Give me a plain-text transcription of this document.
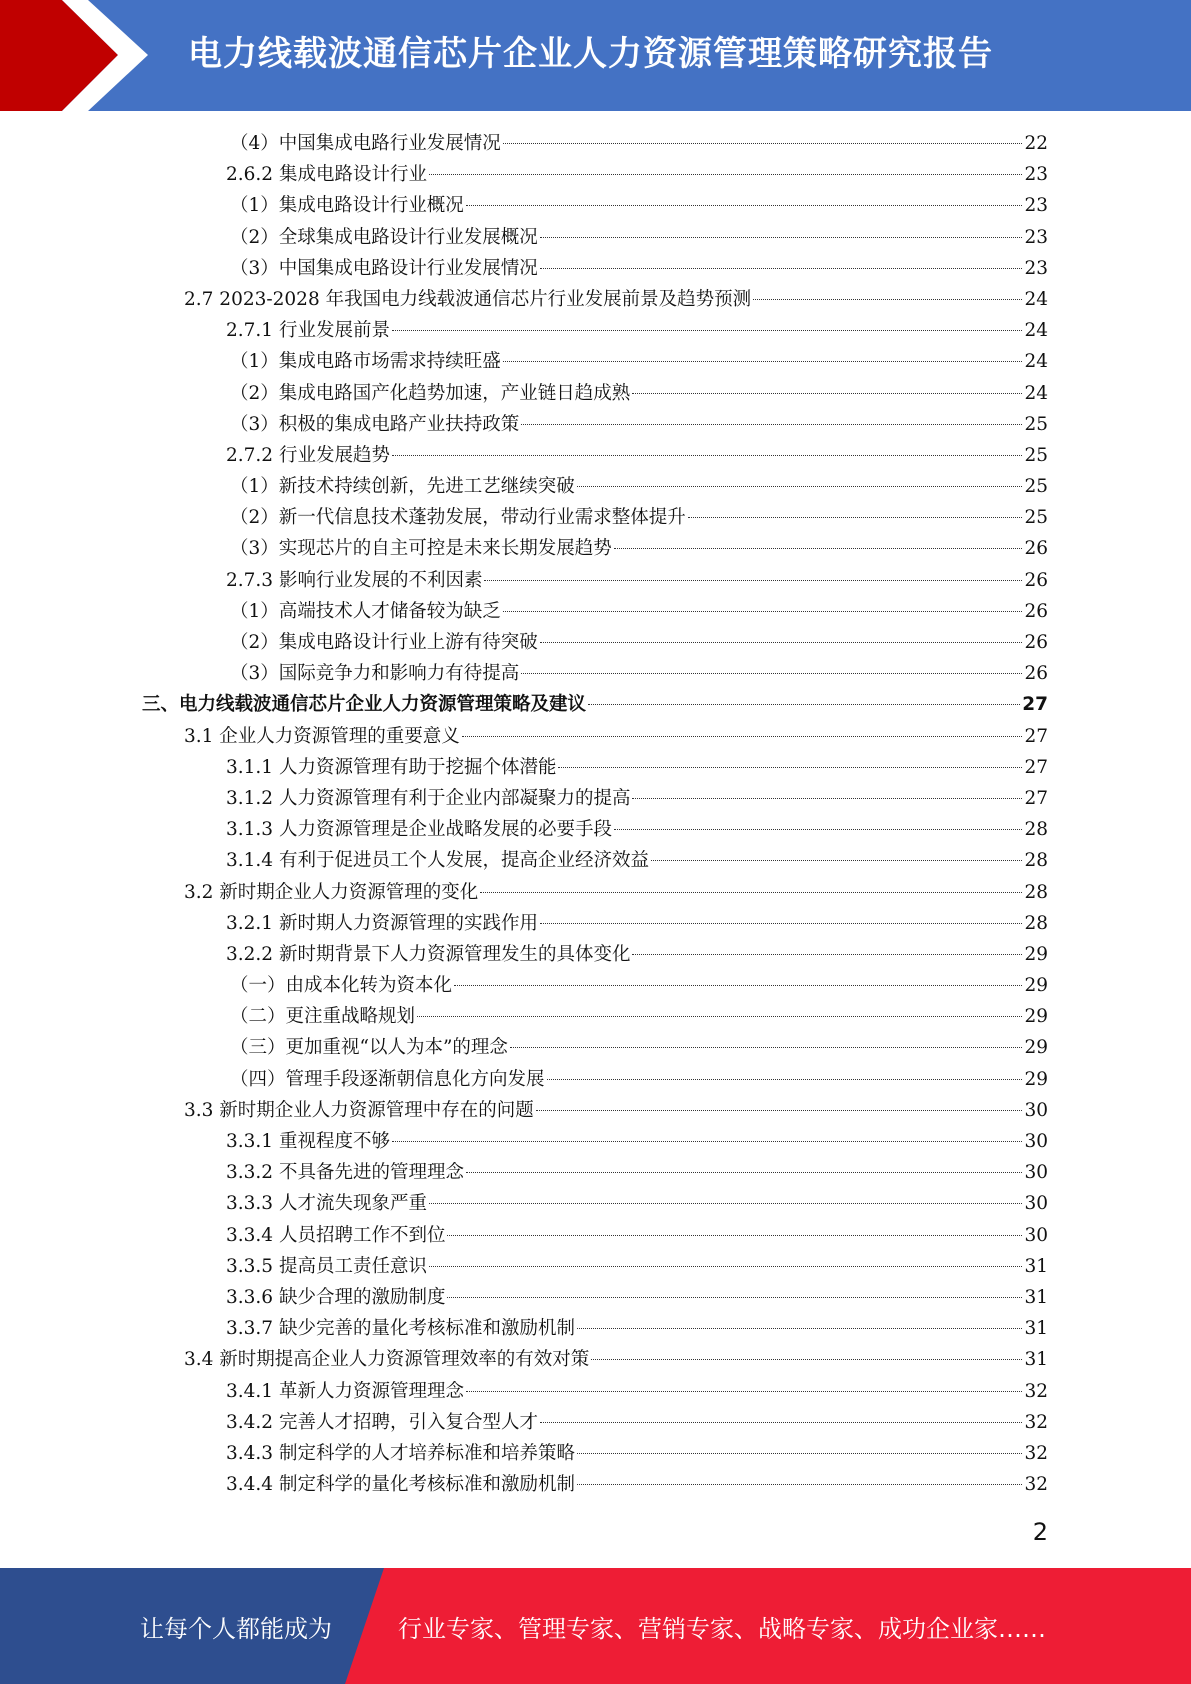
电力线载波通信芯片企业人力资源管理策略研究报告
（4）中国集成电路行业发展情况	22
2.6.2 集成电路设计行业	23
（1）集成电路设计行业概况	23
（2）全球集成电路设计行业发展概况	23
（3）中国集成电路设计行业发展情况	23
2.7 2023-2028 年我国电力线载波通信芯片行业发展前景及趋势预测	24
2.7.1 行业发展前景	24
（1）集成电路市场需求持续旺盛	24
（2）集成电路国产化趋势加速，产业链日趋成熟	24
（3）积极的集成电路产业扶持政策	25
2.7.2 行业发展趋势	25
（1）新技术持续创新，先进工艺继续突破	25
（2）新一代信息技术蓬勃发展，带动行业需求整体提升	25
（3）实现芯片的自主可控是未来长期发展趋势	26
2.7.3 影响行业发展的不利因素	26
（1）高端技术人才储备较为缺乏	26
（2）集成电路设计行业上游有待突破	26
（3）国际竞争力和影响力有待提高	26
三、电力线载波通信芯片企业人力资源管理策略及建议	27
3.1 企业人力资源管理的重要意义	27
3.1.1 人力资源管理有助于挖掘个体潜能	27
3.1.2 人力资源管理有利于企业内部凝聚力的提高	27
3.1.3 人力资源管理是企业战略发展的必要手段	28
3.1.4 有利于促进员工个人发展，提高企业经济效益	28
3.2 新时期企业人力资源管理的变化	28
3.2.1 新时期人力资源管理的实践作用	28
3.2.2 新时期背景下人力资源管理发生的具体变化	29
（一）由成本化转为资本化	29
（二）更注重战略规划	29
（三）更加重视“以人为本”的理念	29
（四）管理手段逐渐朝信息化方向发展	29
3.3 新时期企业人力资源管理中存在的问题	30
3.3.1 重视程度不够	30
3.3.2 不具备先进的管理理念	30
3.3.3 人才流失现象严重	30
3.3.4 人员招聘工作不到位	30
3.3.5 提高员工责任意识	31
3.3.6 缺少合理的激励制度	31
3.3.7 缺少完善的量化考核标准和激励机制	31
3.4 新时期提高企业人力资源管理效率的有效对策	31
3.4.1 革新人力资源管理理念	32
3.4.2 完善人才招聘，引入复合型人才	32
3.4.3 制定科学的人才培养标准和培养策略	32
3.4.4 制定科学的量化考核标准和激励机制	32
2
让每个人都能成为	行业专家、管理专家、营销专家、战略专家、成功企业家……
